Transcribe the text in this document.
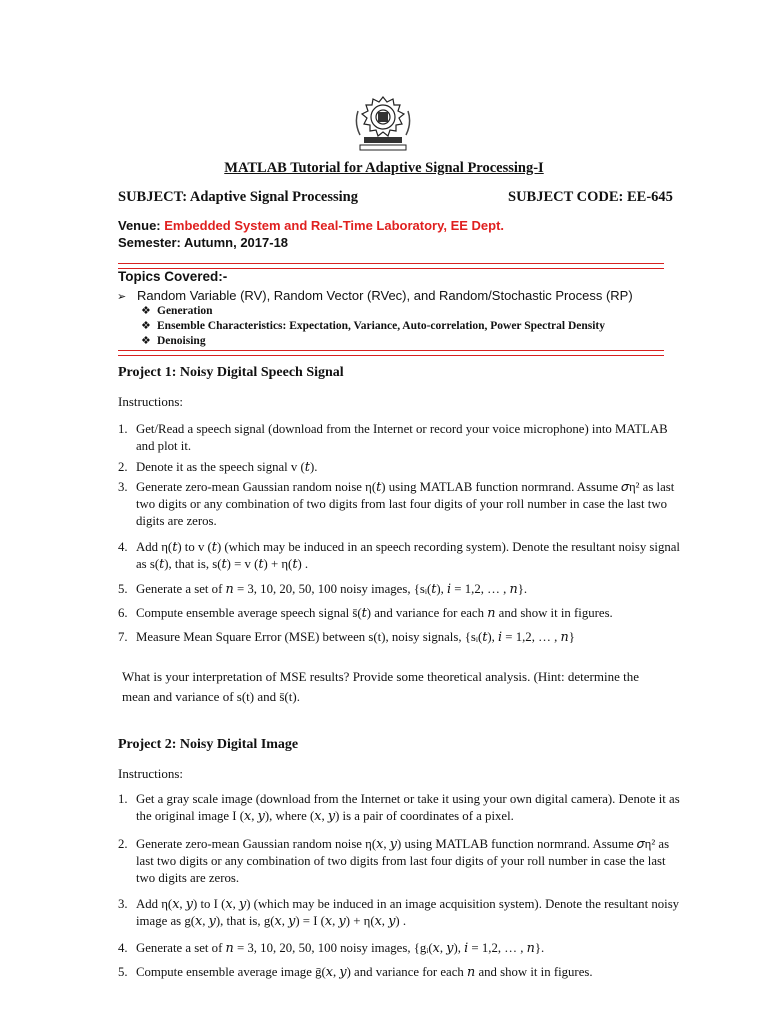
MATLAB Tutorial for Adaptive Signal Processing-I
SUBJECT: Adaptive Signal Processing	SUBJECT CODE: EE-645
Venue: Embedded System and Real-Time Laboratory, EE Dept.
Semester: Autumn, 2017-18
Topics Covered:-
➢ Random Variable (RV), Random Vector (RVec), and Random/Stochastic Process (RP)
❖ Generation
❖ Ensemble Characteristics: Expectation, Variance, Auto-correlation, Power Spectral Density
❖ Denoising
Project 1: Noisy Digital Speech Signal
Instructions:
1. Get/Read a speech signal (download from the Internet or record your voice microphone) into MATLAB and plot it.
2. Denote it as the speech signal v (𝑡).
3. Generate zero-mean Gaussian random noise η(𝑡) using MATLAB function normrand. Assume 𝜎η² as last two digits or any combination of two digits from last four digits of your roll number in case the last two digits are zeros.
4. Add η(𝑡) to v (𝑡) (which may be induced in an speech recording system). Denote the resultant noisy signal as s(𝑡), that is, s(𝑡) = v (𝑡) + η(𝑡) .
5. Generate a set of 𝑛 = 3, 10, 20, 50, 100 noisy images, {sᵢ(𝑡), 𝑖 = 1,2, … , 𝑛}.
6. Compute ensemble average speech signal s̄(𝑡) and variance for each 𝑛 and show it in figures.
7. Measure Mean Square Error (MSE) between s(t), noisy signals, {sᵢ(𝑡), 𝑖 = 1,2, … , 𝑛}
What is your interpretation of MSE results? Provide some theoretical analysis. (Hint: determine the mean and variance of s(t) and s̄(t).
Project 2: Noisy Digital Image
Instructions:
1. Get a gray scale image (download from the Internet or take it using your own digital camera). Denote it as the original image I (𝑥, 𝑦), where (𝑥, 𝑦) is a pair of coordinates of a pixel.
2. Generate zero-mean Gaussian random noise η(𝑥, 𝑦) using MATLAB function normrand. Assume 𝜎η² as last two digits or any combination of two digits from last four digits of your roll number in case the last two digits are zeros.
3. Add η(𝑥, 𝑦) to I (𝑥, 𝑦) (which may be induced in an image acquisition system). Denote the resultant noisy image as g(𝑥, 𝑦), that is, g(𝑥, 𝑦) = I (𝑥, 𝑦) + η(𝑥, 𝑦) .
4. Generate a set of 𝑛 = 3, 10, 20, 50, 100 noisy images, {gᵢ(𝑥, 𝑦), 𝑖 = 1,2, … , 𝑛}.
5. Compute ensemble average image ḡ(𝑥, 𝑦) and variance for each 𝑛 and show it in figures.
